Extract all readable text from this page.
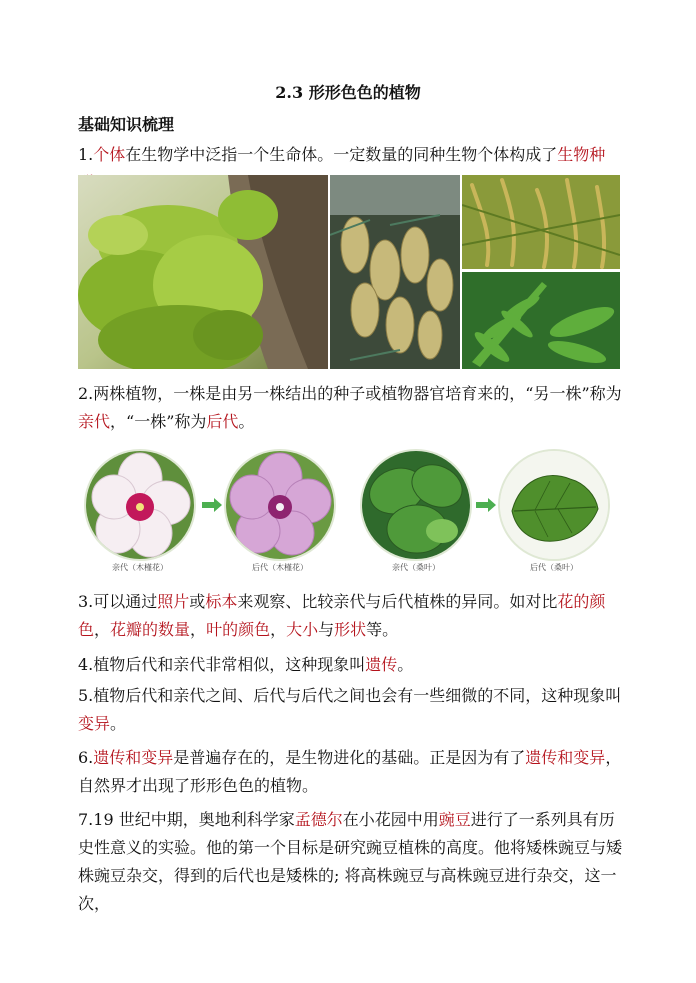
2.3 形形色色的植物
基础知识梳理
1.个体在生物学中泛指一个生命体。一定数量的同种生物个体构成了生物种
2.两株植物，一株是由另一株结出的种子或植物器官培育来的，“另一株”称为亲代，“一株”称为后代。
亲代（木槿花）	后代（木槿花）	亲代（桑叶）	后代（桑叶）
3.可以通过照片或标本来观察、比较亲代与后代植株的异同。如对比花的颜色，花瓣的数量，叶的颜色，大小与形状等。
4.植物后代和亲代非常相似，这种现象叫遗传。
5.植物后代和亲代之间、后代与后代之间也会有一些细微的不同，这种现象叫变异。
6.遗传和变异是普遍存在的，是生物进化的基础。正是因为有了遗传和变异，自然界才出现了形形色色的植物。
7.19 世纪中期，奥地利科学家孟德尔在小花园中用豌豆进行了一系列具有历史性意义的实验。他的第一个目标是研究豌豆植株的高度。他将矮株豌豆与矮株豌豆杂交，得到的后代也是矮株的; 将高株豌豆与高株豌豆进行杂交，这一次，
